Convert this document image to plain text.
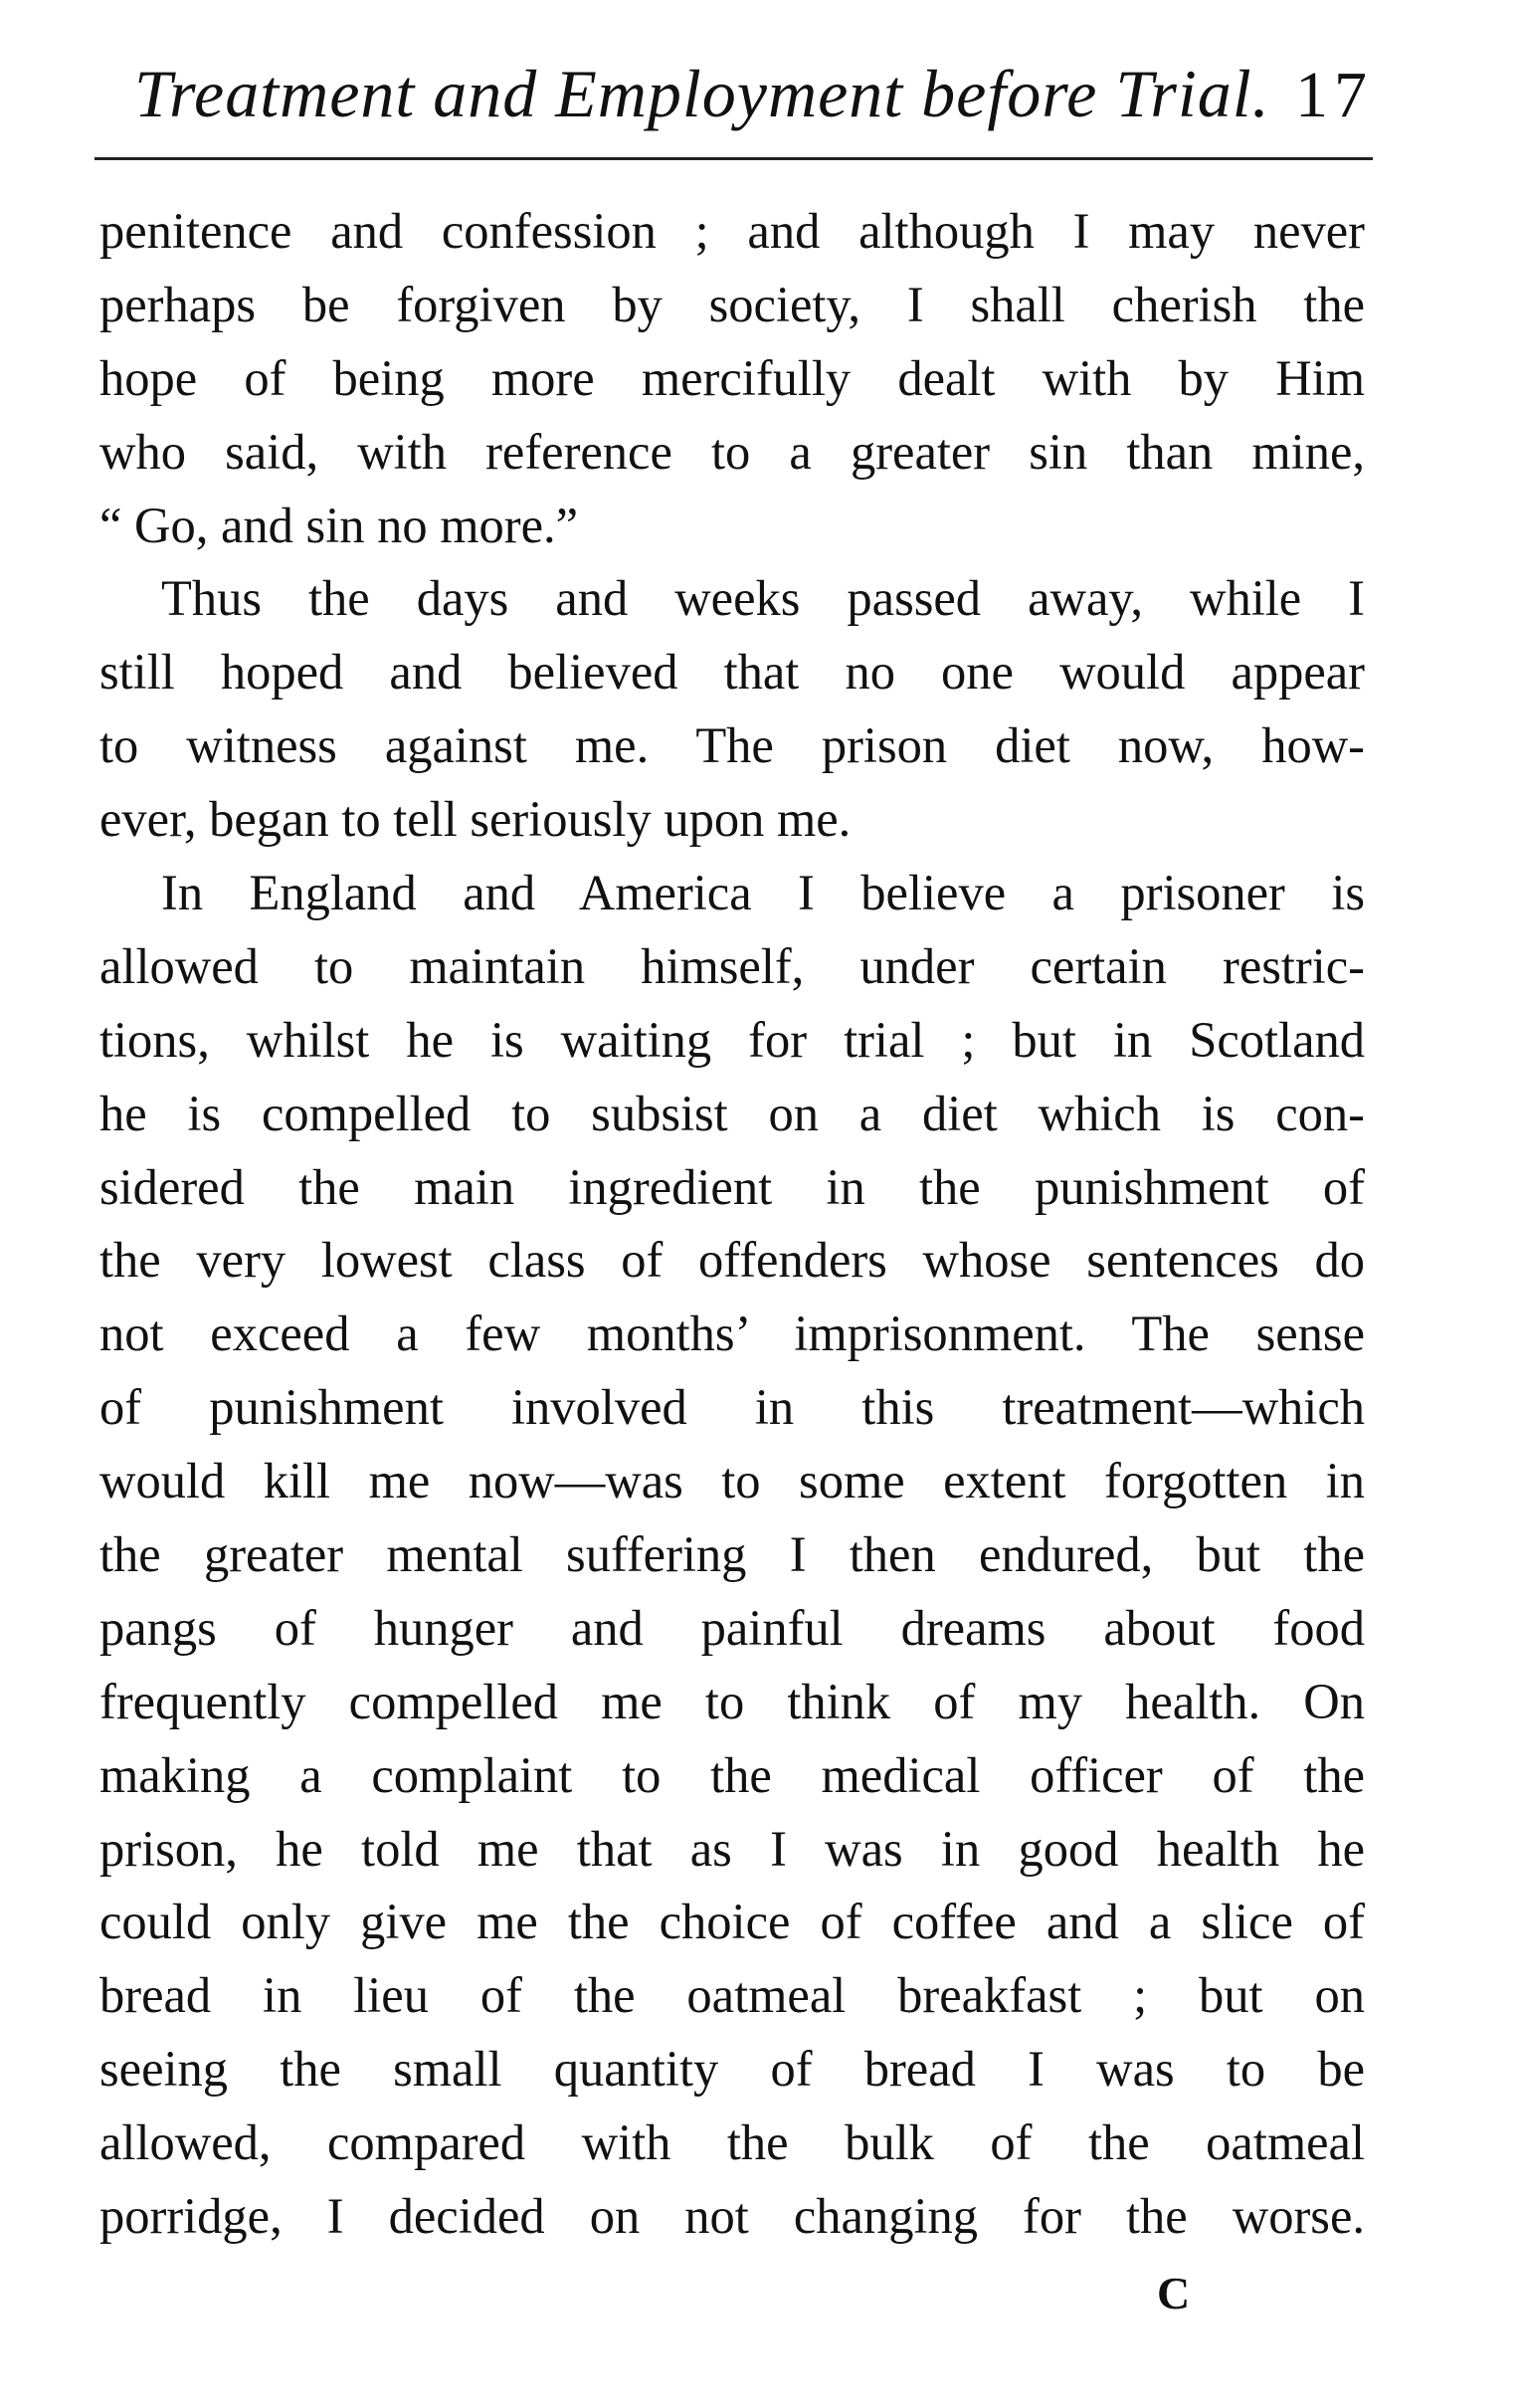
Treatment and Employment before Trial. 17
penitence and confession ; and although I may never
perhaps be forgiven by society, I shall cherish the
hope of being more mercifully dealt with by Him
who said, with reference to a greater sin than mine,
“ Go, and sin no more.”
Thus the days and weeks passed away, while I
still hoped and believed that no one would appear
to witness against me. The prison diet now, how-
ever, began to tell seriously upon me.
In England and America I believe a prisoner is
allowed to maintain himself, under certain restric-
tions, whilst he is waiting for trial ; but in Scotland
he is compelled to subsist on a diet which is con-
sidered the main ingredient in the punishment of
the very lowest class of offenders whose sentences do
not exceed a few months’ imprisonment. The sense
of punishment involved in this treatment—which
would kill me now—was to some extent forgotten in
the greater mental suffering I then endured, but the
pangs of hunger and painful dreams about food
frequently compelled me to think of my health. On
making a complaint to the medical officer of the
prison, he told me that as I was in good health he
could only give me the choice of coffee and a slice of
bread in lieu of the oatmeal breakfast ; but on
seeing the small quantity of bread I was to be
allowed, compared with the bulk of the oatmeal
porridge, I decided on not changing for the worse.
C
